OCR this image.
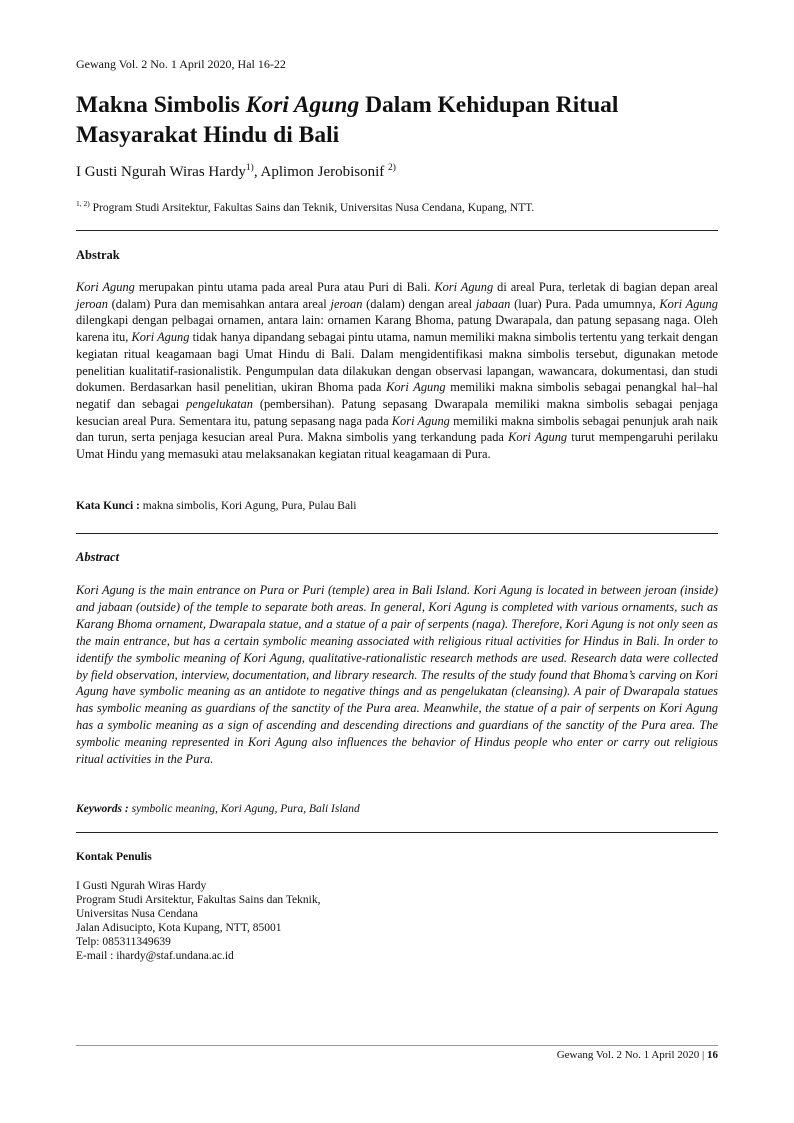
Gewang Vol. 2 No. 1 April 2020, Hal 16-22
Makna Simbolis Kori Agung Dalam Kehidupan Ritual Masyarakat Hindu di Bali
I Gusti Ngurah Wiras Hardy$^{1)}$, Aplimon Jerobisonif $^{2)}$
$^{1, 2)}$ Program Studi Arsitektur, Fakultas Sains dan Teknik, Universitas Nusa Cendana, Kupang, NTT.
Abstrak

Kori Agung merupakan pintu utama pada areal Pura atau Puri di Bali. Kori Agung di areal Pura, terletak di bagian depan areal jeroan (dalam) Pura dan memisahkan antara areal jeroan (dalam) dengan areal jabaan (luar) Pura. Pada umumnya, Kori Agung dilengkapi dengan pelbagai ornamen, antara lain: ornamen Karang Bhoma, patung Dwarapala, dan patung sepasang naga. Oleh karena itu, Kori Agung tidak hanya dipandang sebagai pintu utama, namun memiliki makna simbolis tertentu yang terkait dengan kegiatan ritual keagamaan bagi Umat Hindu di Bali. Dalam mengidentifikasi makna simbolis tersebut, digunakan metode penelitian kualitatif-rasionalistik. Pengumpulan data dilakukan dengan observasi lapangan, wawancara, dokumentasi, dan studi dokumen. Berdasarkan hasil penelitian, ukiran Bhoma pada Kori Agung memiliki makna simbolis sebagai penangkal hal–hal negatif dan sebagai pengelukatan (pembersihan). Patung sepasang Dwarapala memiliki makna simbolis sebagai penjaga kesucian areal Pura. Sementara itu, patung sepasang naga pada Kori Agung memiliki makna simbolis sebagai penunjuk arah naik dan turun, serta penjaga kesucian areal Pura. Makna simbolis yang terkandung pada Kori Agung turut mempengaruhi perilaku Umat Hindu yang memasuki atau melaksanakan kegiatan ritual keagamaan di Pura.

Kata Kunci : makna simbolis, Kori Agung, Pura, Pulau Bali
Abstract

Kori Agung is the main entrance on Pura or Puri (temple) area in Bali Island. Kori Agung is located in between jeroan (inside) and jabaan (outside) of the temple to separate both areas. In general, Kori Agung is completed with various ornaments, such as Karang Bhoma ornament, Dwarapala statue, and a statue of a pair of serpents (naga). Therefore, Kori Agung is not only seen as the main entrance, but has a certain symbolic meaning associated with religious ritual activities for Hindus in Bali. In order to identify the symbolic meaning of Kori Agung, qualitative-rationalistic research methods are used. Research data were collected by field observation, interview, documentation, and library research. The results of the study found that Bhoma’s carving on Kori Agung have symbolic meaning as an antidote to negative things and as pengelukatan (cleansing). A pair of Dwarapala statues has symbolic meaning as guardians of the sanctity of the Pura area. Meanwhile, the statue of a pair of serpents on Kori Agung has a symbolic meaning as a sign of ascending and descending directions and guardians of the sanctity of the Pura area. The symbolic meaning represented in Kori Agung also influences the behavior of Hindus people who enter or carry out religious ritual activities in the Pura.

Keywords : symbolic meaning, Kori Agung, Pura, Bali Island
Kontak Penulis
I Gusti Ngurah Wiras Hardy
Program Studi Arsitektur, Fakultas Sains dan Teknik,
Universitas Nusa Cendana
Jalan Adisucipto, Kota Kupang, NTT, 85001
Telp: 085311349639
E-mail : ihardy@staf.undana.ac.id
Gewang Vol. 2 No. 1 April 2020 | 16
